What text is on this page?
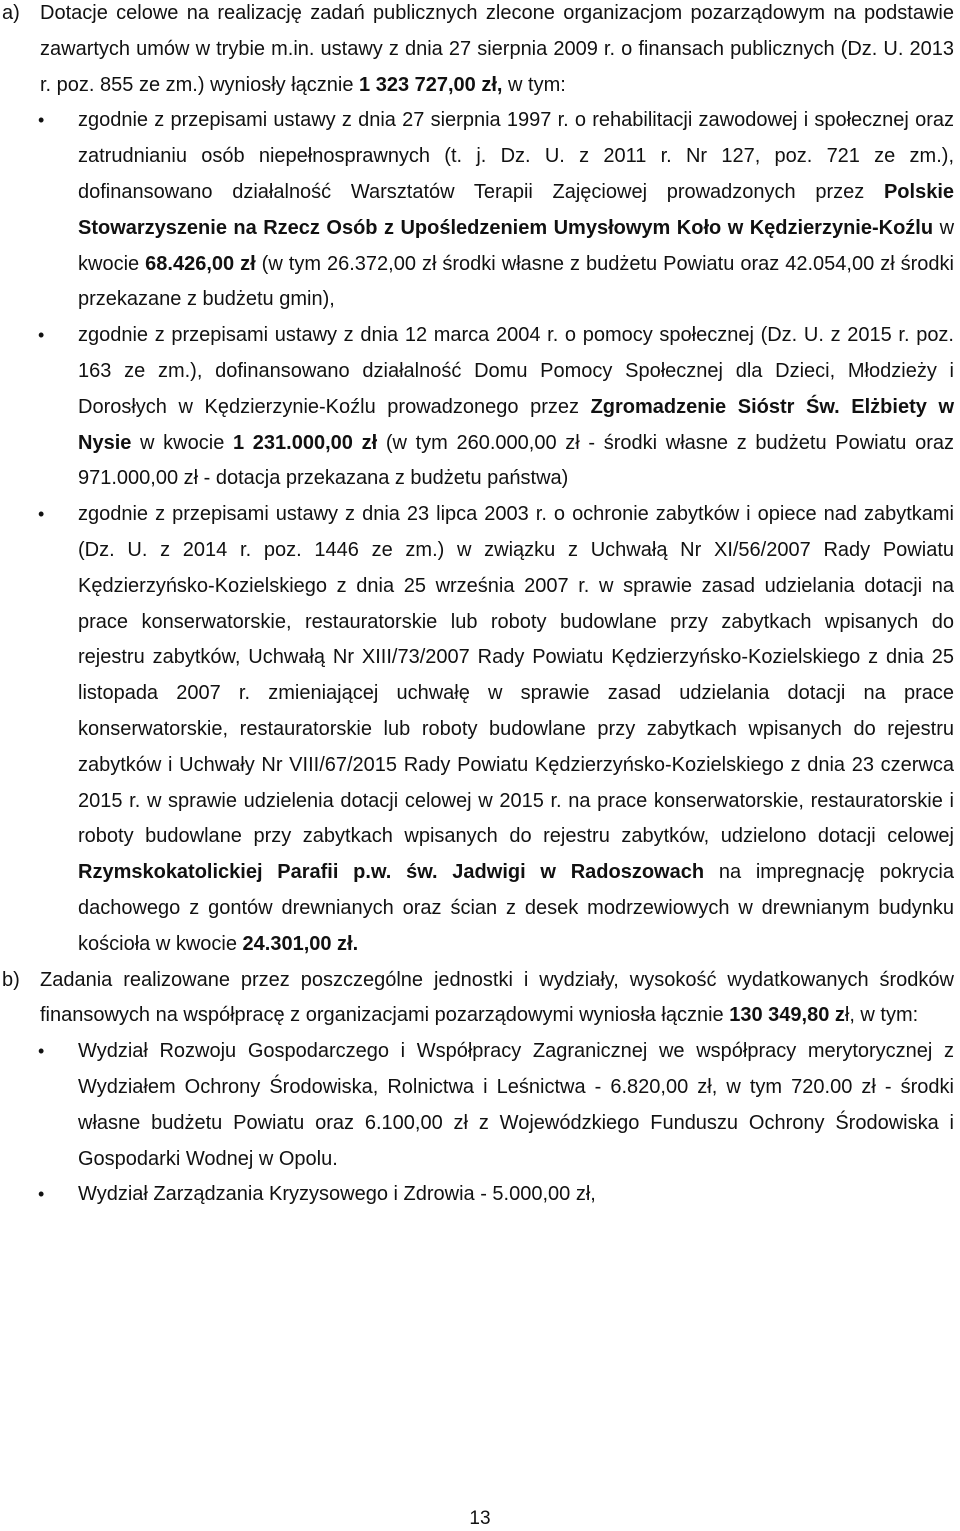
a) Dotacje celowe na realizację zadań publicznych zlecone organizacjom pozarządowym na podstawie zawartych umów w trybie m.in. ustawy z dnia 27 sierpnia 2009 r. o finansach publicznych (Dz. U. 2013 r. poz. 855 ze zm.) wyniosły łącznie 1 323 727,00 zł, w tym:
• zgodnie z przepisami ustawy z dnia 27 sierpnia 1997 r. o rehabilitacji zawodowej i społecznej oraz zatrudnianiu osób niepełnosprawnych (t. j. Dz. U. z 2011 r. Nr 127, poz. 721 ze zm.), dofinansowano działalność Warsztatów Terapii Zajęciowej prowadzonych przez Polskie Stowarzyszenie na Rzecz Osób z Upośledzeniem Umysłowym Koło w Kędzierzynie-Koźlu w kwocie 68.426,00 zł (w tym 26.372,00 zł środki własne z budżetu Powiatu oraz 42.054,00 zł środki przekazane z budżetu gmin),
• zgodnie z przepisami ustawy z dnia 12 marca 2004 r. o pomocy społecznej (Dz. U. z 2015 r. poz. 163 ze zm.), dofinansowano działalność Domu Pomocy Społecznej dla Dzieci, Młodzieży i Dorosłych w Kędzierzynie-Koźlu prowadzonego przez Zgromadzenie Sióstr Św. Elżbiety w Nysie w kwocie 1 231.000,00 zł (w tym 260.000,00 zł - środki własne z budżetu Powiatu oraz 971.000,00 zł - dotacja przekazana z budżetu państwa)
• zgodnie z przepisami ustawy z dnia 23 lipca 2003 r. o ochronie zabytków i opiece nad zabytkami (Dz. U. z 2014 r. poz. 1446 ze zm.) w związku z Uchwałą Nr XI/56/2007 Rady Powiatu Kędzierzyńsko-Kozielskiego z dnia 25 września 2007 r. w sprawie zasad udzielania dotacji na prace konserwatorskie, restauratorskie lub roboty budowlane przy zabytkach wpisanych do rejestru zabytków, Uchwałą Nr XIII/73/2007 Rady Powiatu Kędzierzyńsko-Kozielskiego z dnia 25 listopada 2007 r. zmieniającej uchwałę w sprawie zasad udzielania dotacji na prace konserwatorskie, restauratorskie lub roboty budowlane przy zabytkach wpisanych do rejestru zabytków i Uchwały Nr VIII/67/2015 Rady Powiatu Kędzierzyńsko-Kozielskiego z dnia 23 czerwca 2015 r. w sprawie udzielenia dotacji celowej w 2015 r. na prace konserwatorskie, restauratorskie i roboty budowlane przy zabytkach wpisanych do rejestru zabytków, udzielono dotacji celowej Rzymskokatolickiej Parafii p.w. św. Jadwigi w Radoszowach na impregnację pokrycia dachowego z gontów drewnianych oraz ścian z desek modrzewiowych w drewnianym budynku kościoła w kwocie 24.301,00 zł.
b) Zadania realizowane przez poszczególne jednostki i wydziały, wysokość wydatkowanych środków finansowych na współpracę z organizacjami pozarządowymi wyniosła łącznie 130 349,80 zł, w tym:
• Wydział Rozwoju Gospodarczego i Współpracy Zagranicznej we współpracy merytorycznej z Wydziałem Ochrony Środowiska, Rolnictwa i Leśnictwa - 6.820,00 zł, w tym 720.00 zł - środki własne budżetu Powiatu oraz 6.100,00 zł z Wojewódzkiego Funduszu Ochrony Środowiska i Gospodarki Wodnej w Opolu.
• Wydział Zarządzania Kryzysowego i Zdrowia - 5.000,00 zł,
13
